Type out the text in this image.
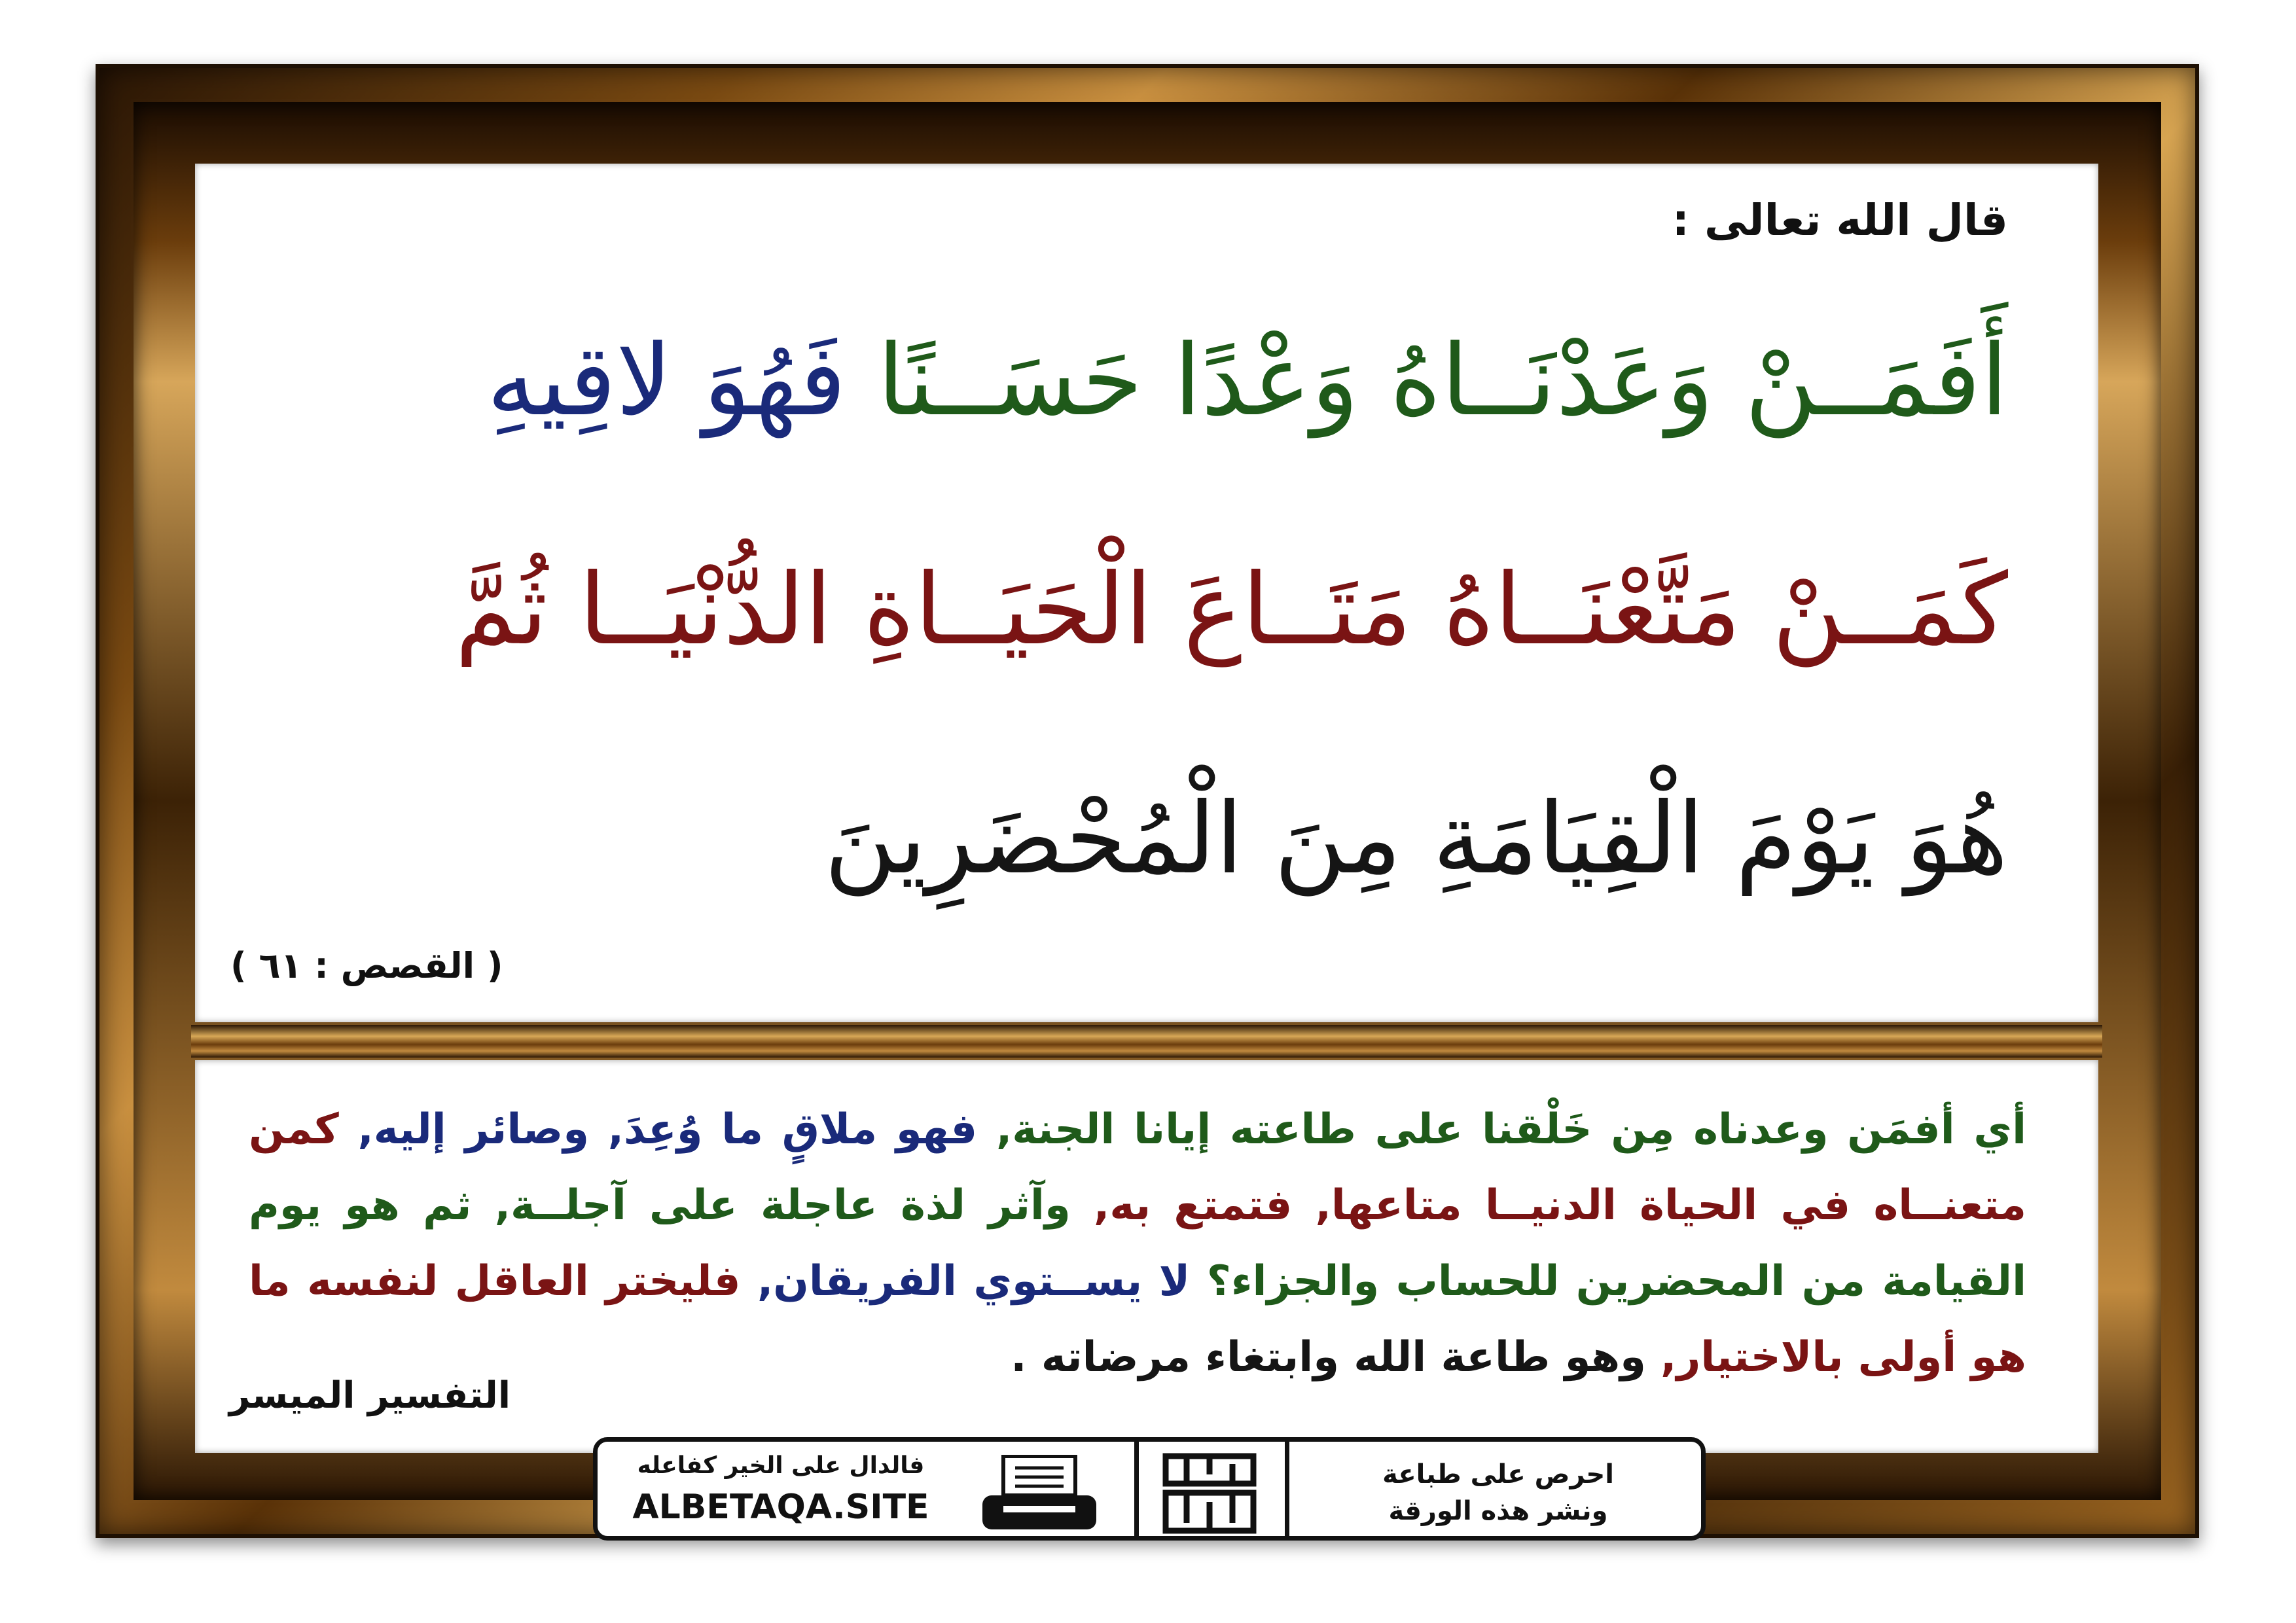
قال الله تعالى :
أَفَمَــنْ وَعَدْنَــاهُ وَعْدًا حَسَــنًا فَهُوَ لاقِيهِ
كَمَــنْ مَتَّعْنَــاهُ مَتَــاعَ الْحَيَــاةِ الدُّنْيَــا ثُمَّ
هُوَ يَوْمَ الْقِيَامَةِ مِنَ الْمُحْضَرِينَ
( القصص : ٦١ )
أي أفمَن وعدناه مِن خَلْقنا على طاعته إيانا الجنة, فهو ملاقٍ ما وُعِدَ, وصائر إليه, كمن متعنــاه في الحياة الدنيــا متاعها, فتمتع به, وآثر لذة عاجلة على آجلــة, ثم هو يوم القيامة من المحضرين للحساب والجزاء؟ لا يســتوي الفريقان, فليختر العاقل لنفسه ما هو أولى بالاختيار, وهو طاعة الله وابتغاء مرضاته .
التفسير الميسر
فالدال على الخير كفاعله
ALBETAQA.SITE
احرص على طباعة
ونشر هذه الورقة
